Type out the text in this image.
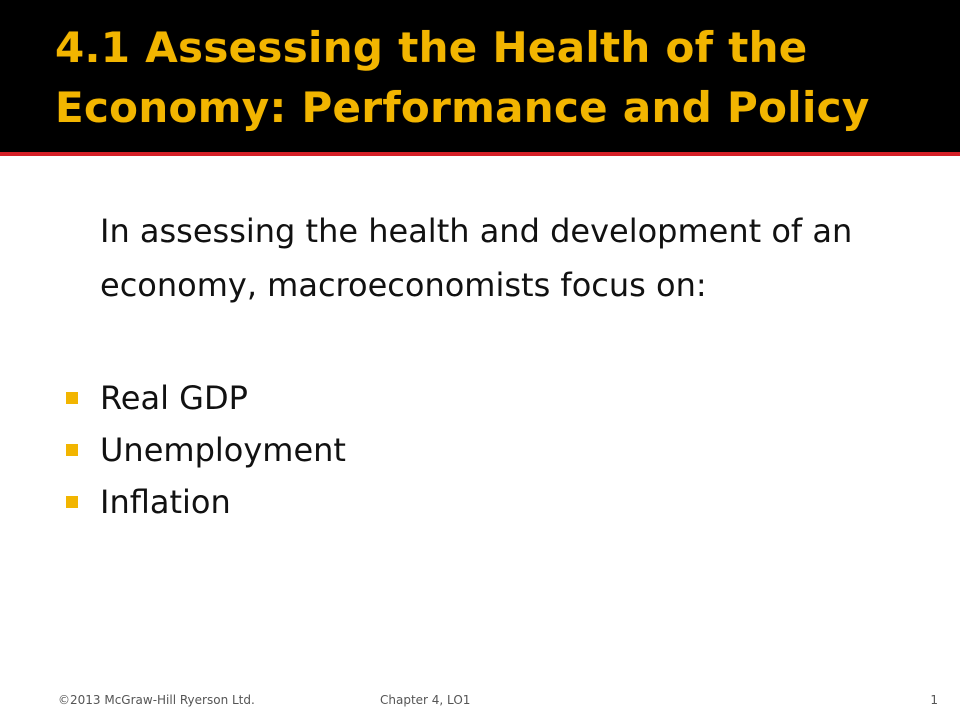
4.1 Assessing the Health of the Economy: Performance and Policy

In assessing the health and development of an economy, macroeconomists focus on:

Real GDP
Unemployment
Inflation
©2013 McGraw-Hill Ryerson Ltd.	Chapter 4, LO1	1
